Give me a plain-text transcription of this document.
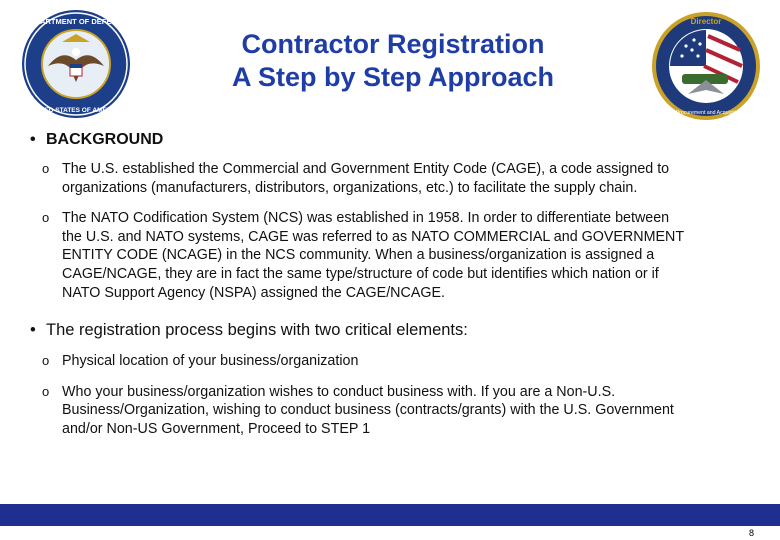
DEPARTMENT OF DEFENSE
UNITED STATES OF AMERICA
Contractor Registration
A Step by Step Approach
Director
Defense Procurement and Acquisition Policy
• BACKGROUND
o The U.S. established the Commercial and Government Entity Code (CAGE), a code assigned to
organizations (manufacturers, distributors, organizations, etc.) to facilitate the supply chain.
o The NATO Codification System (NCS) was established in 1958. In order to differentiate between
the U.S. and NATO systems, CAGE was referred to as NATO COMMERCIAL and GOVERNMENT
ENTITY CODE (NCAGE) in the NCS community. When a business/organization is assigned a
CAGE/NCAGE, they are in fact the same type/structure of code but identifies which nation or if
NATO Support Agency (NSPA) assigned the CAGE/NCAGE.
• The registration process begins with two critical elements:
o Physical location of your business/organization
o Who your business/organization wishes to conduct business with. If you are a Non-U.S.
Business/Organization, wishing to conduct business (contracts/grants) with the U.S. Government
and/or Non-US Government, Proceed to STEP 1
8
